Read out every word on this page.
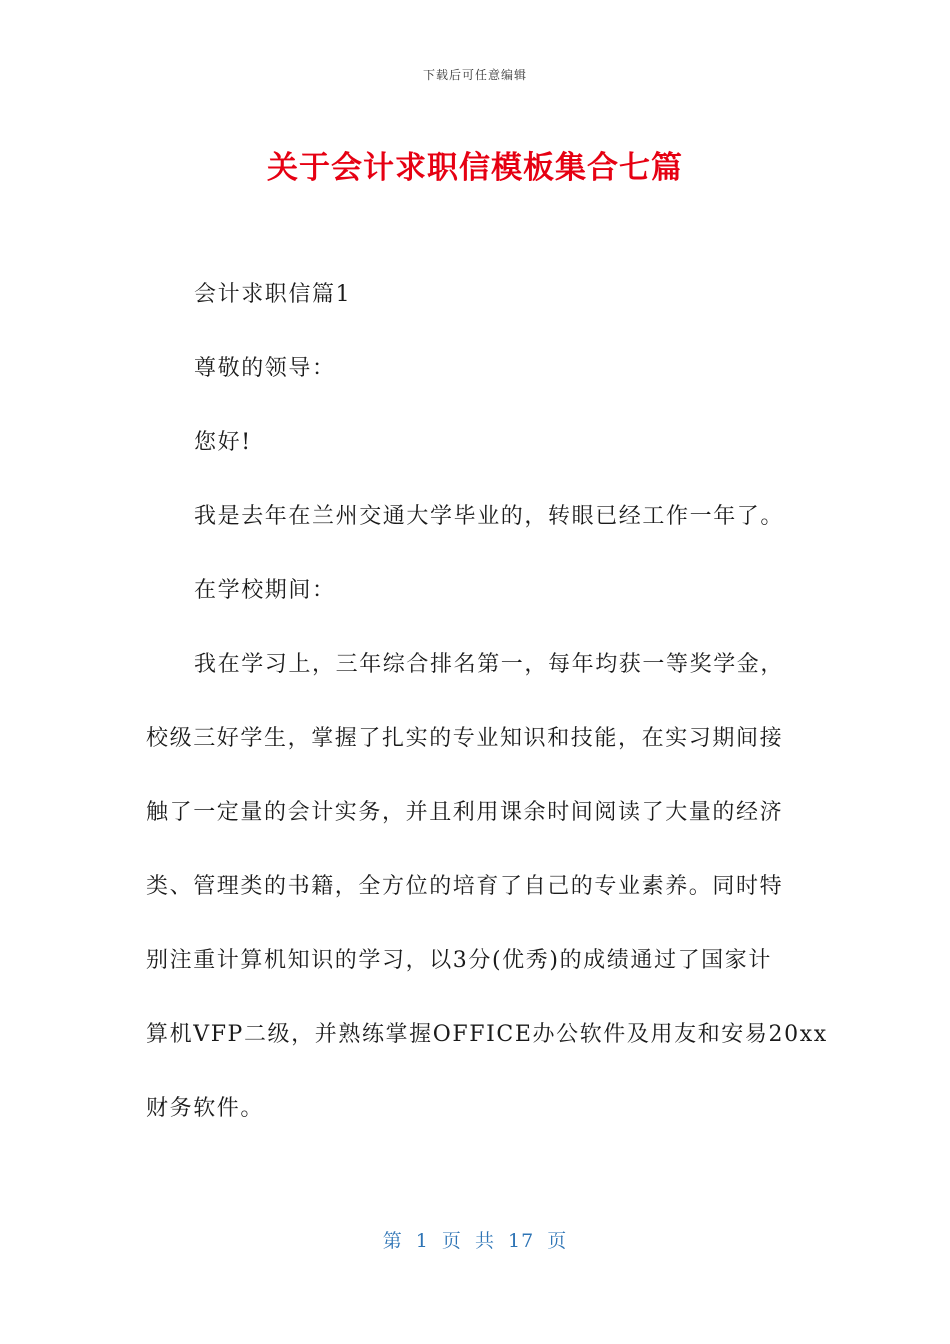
下载后可任意编辑
关于会计求职信模板集合七篇

会计求职信篇1

尊敬的领导：

您好!

我是去年在兰州交通大学毕业的，转眼已经工作一年了。

在学校期间：

我在学习上，三年综合排名第一，每年均获一等奖学金，
校级三好学生，掌握了扎实的专业知识和技能，在实习期间接
触了一定量的会计实务，并且利用课余时间阅读了大量的经济
类、管理类的书籍，全方位的培育了自己的专业素养。同时特
别注重计算机知识的学习，以3分(优秀)的成绩通过了国家计
算机VFP二级，并熟练掌握OFFICE办公软件及用友和安易20xx
财务软件。
第 1 页 共 17 页
